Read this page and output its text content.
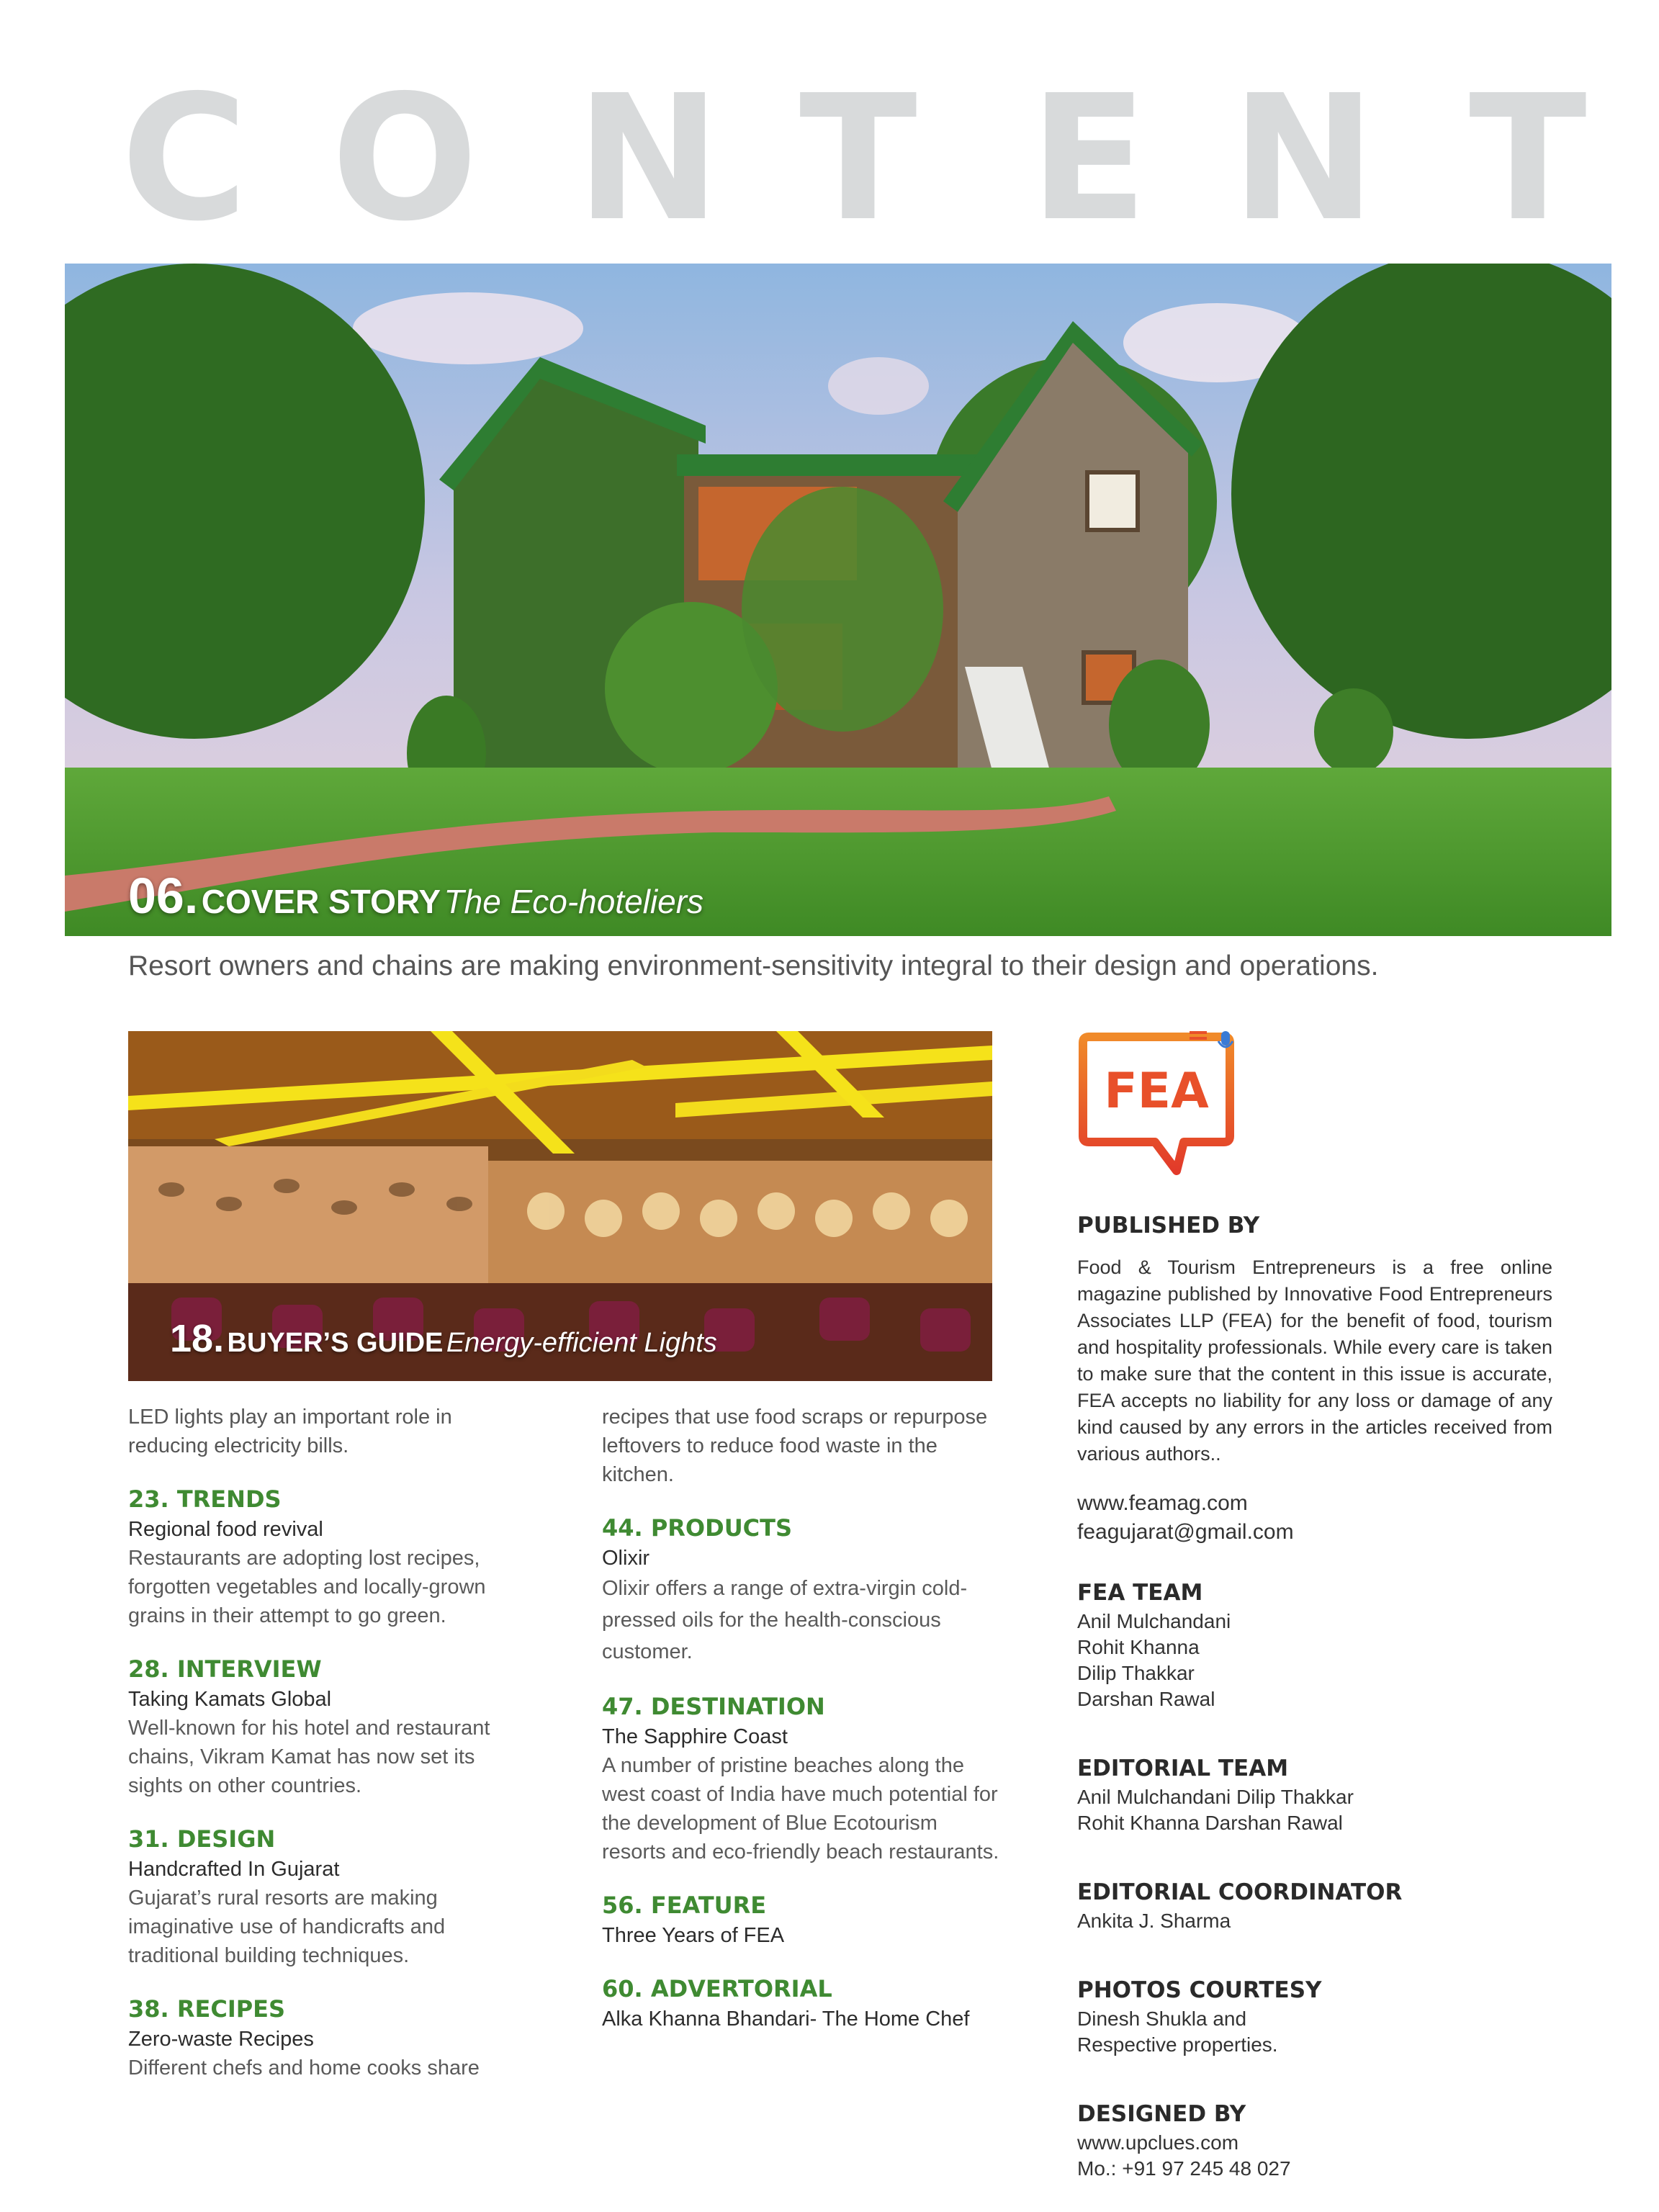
C O N T E N T
06. COVER STORY The Eco-hoteliers
Resort owners and chains are making environment-sensitivity integral to their design and operations.
18. BUYER’S GUIDE Energy-efficient Lights

LED lights play an important role in reducing electricity bills.

23. TRENDS

Regional food revival

Restaurants are adopting lost recipes, forgotten vegetables and locally-grown grains in their attempt to go green.

28. INTERVIEW

Taking Kamats Global

Well-known for his hotel and restaurant chains, Vikram Kamat has now set its sights on other countries.

31. DESIGN

Handcrafted In Gujarat

Gujarat’s rural resorts are making imaginative use of handicrafts and traditional building techniques.

38. RECIPES

Zero-waste Recipes

Different chefs and home cooks share

recipes that use food scraps or repurpose leftovers to reduce food waste in the kitchen.

44. PRODUCTS

Olixir

Olixir offers a range of extra-virgin cold-pressed oils for the health-conscious customer.

47. DESTINATION

The Sapphire Coast

A number of pristine beaches along the west coast of India have much potential for the development of Blue Ecotourism resorts and eco-friendly beach restaurants.

56. FEATURE

Three Years of FEA

60. ADVERTORIAL

Alka Khanna Bhandari- The Home Chef

FEA
PUBLISHED BY

Food & Tourism Entrepreneurs is a free online magazine published by Innovative Food Entrepreneurs Associates LLP (FEA) for the benefit of food, tourism and hospitality professionals. While every care is taken to make sure that the content in this issue is accurate, FEA accepts no liability for any loss or damage of any kind caused by any errors in the articles received from various authors..

www.feamag.com

feagujarat@gmail.com

FEA TEAM

Anil Mulchandani

Rohit Khanna

Dilip Thakkar

Darshan Rawal

EDITORIAL TEAM

Anil Mulchandani Dilip Thakkar

Rohit Khanna Darshan Rawal

EDITORIAL COORDINATOR

Ankita J. Sharma

PHOTOS COURTESY

Dinesh Shukla and

Respective properties.

DESIGNED BY

www.upclues.com

Mo.: +91 97 245 48 027
